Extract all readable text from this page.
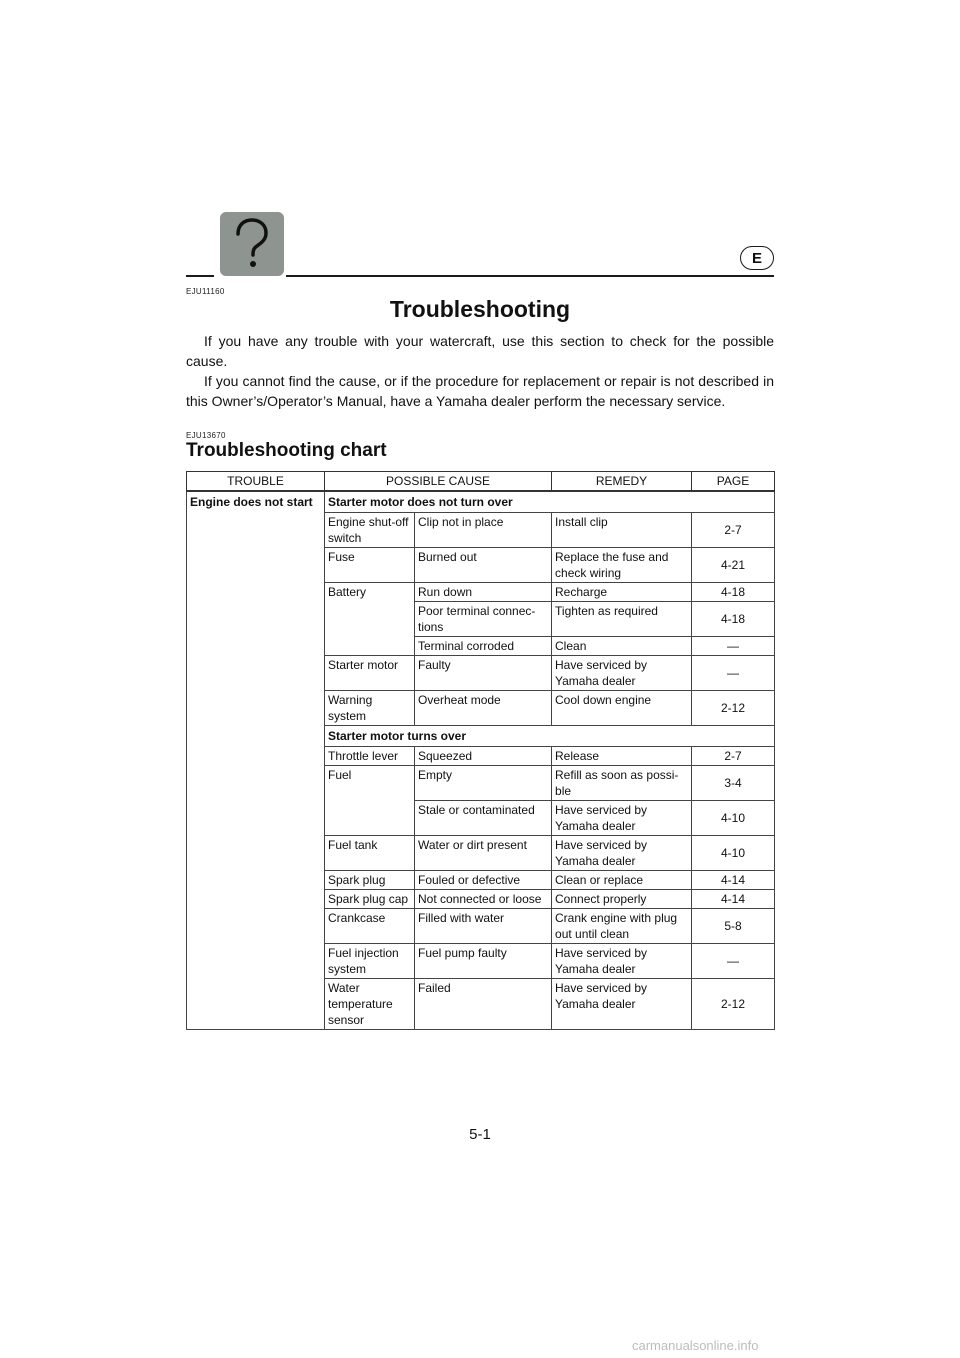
E
EJU11160
Troubleshooting

If you have any trouble with your watercraft, use this section to check for the possible cause.

If you cannot find the cause, or if the procedure for replacement or repair is not described in this Owner’s/Operator’s Manual, have a Yamaha dealer perform the necessary service.

EJU13670
Troubleshooting chart
TROUBLE	POSSIBLE CAUSE		REMEDY	PAGE
Engine does not start	Starter motor does not turn over			
	Engine shut-off switch	Clip not in place	Install clip	2-7
	Fuse	Burned out	Replace the fuse and check wiring	4-21
	Battery	Run down	Recharge	4-18
		Poor terminal connec-tions	Tighten as required	4-18
		Terminal corroded	Clean	—
	Starter motor	Faulty	Have serviced by Yamaha dealer	—
	Warning system	Overheat mode	Cool down engine	2-12
	Starter motor turns over			
	Throttle lever	Squeezed	Release	2-7
	Fuel	Empty	Refill as soon as possi-ble	3-4
		Stale or contaminated	Have serviced by Yamaha dealer	4-10
	Fuel tank	Water or dirt present	Have serviced by Yamaha dealer	4-10
	Spark plug	Fouled or defective	Clean or replace	4-14
	Spark plug cap	Not connected or loose	Connect properly	4-14
	Crankcase	Filled with water	Crank engine with plug out until clean	5-8
	Fuel injection system	Fuel pump faulty	Have serviced by Yamaha dealer	—
	Water temperature sensor	Failed	Have serviced by Yamaha dealer	2-12
5-1
carmanualsonline.info
